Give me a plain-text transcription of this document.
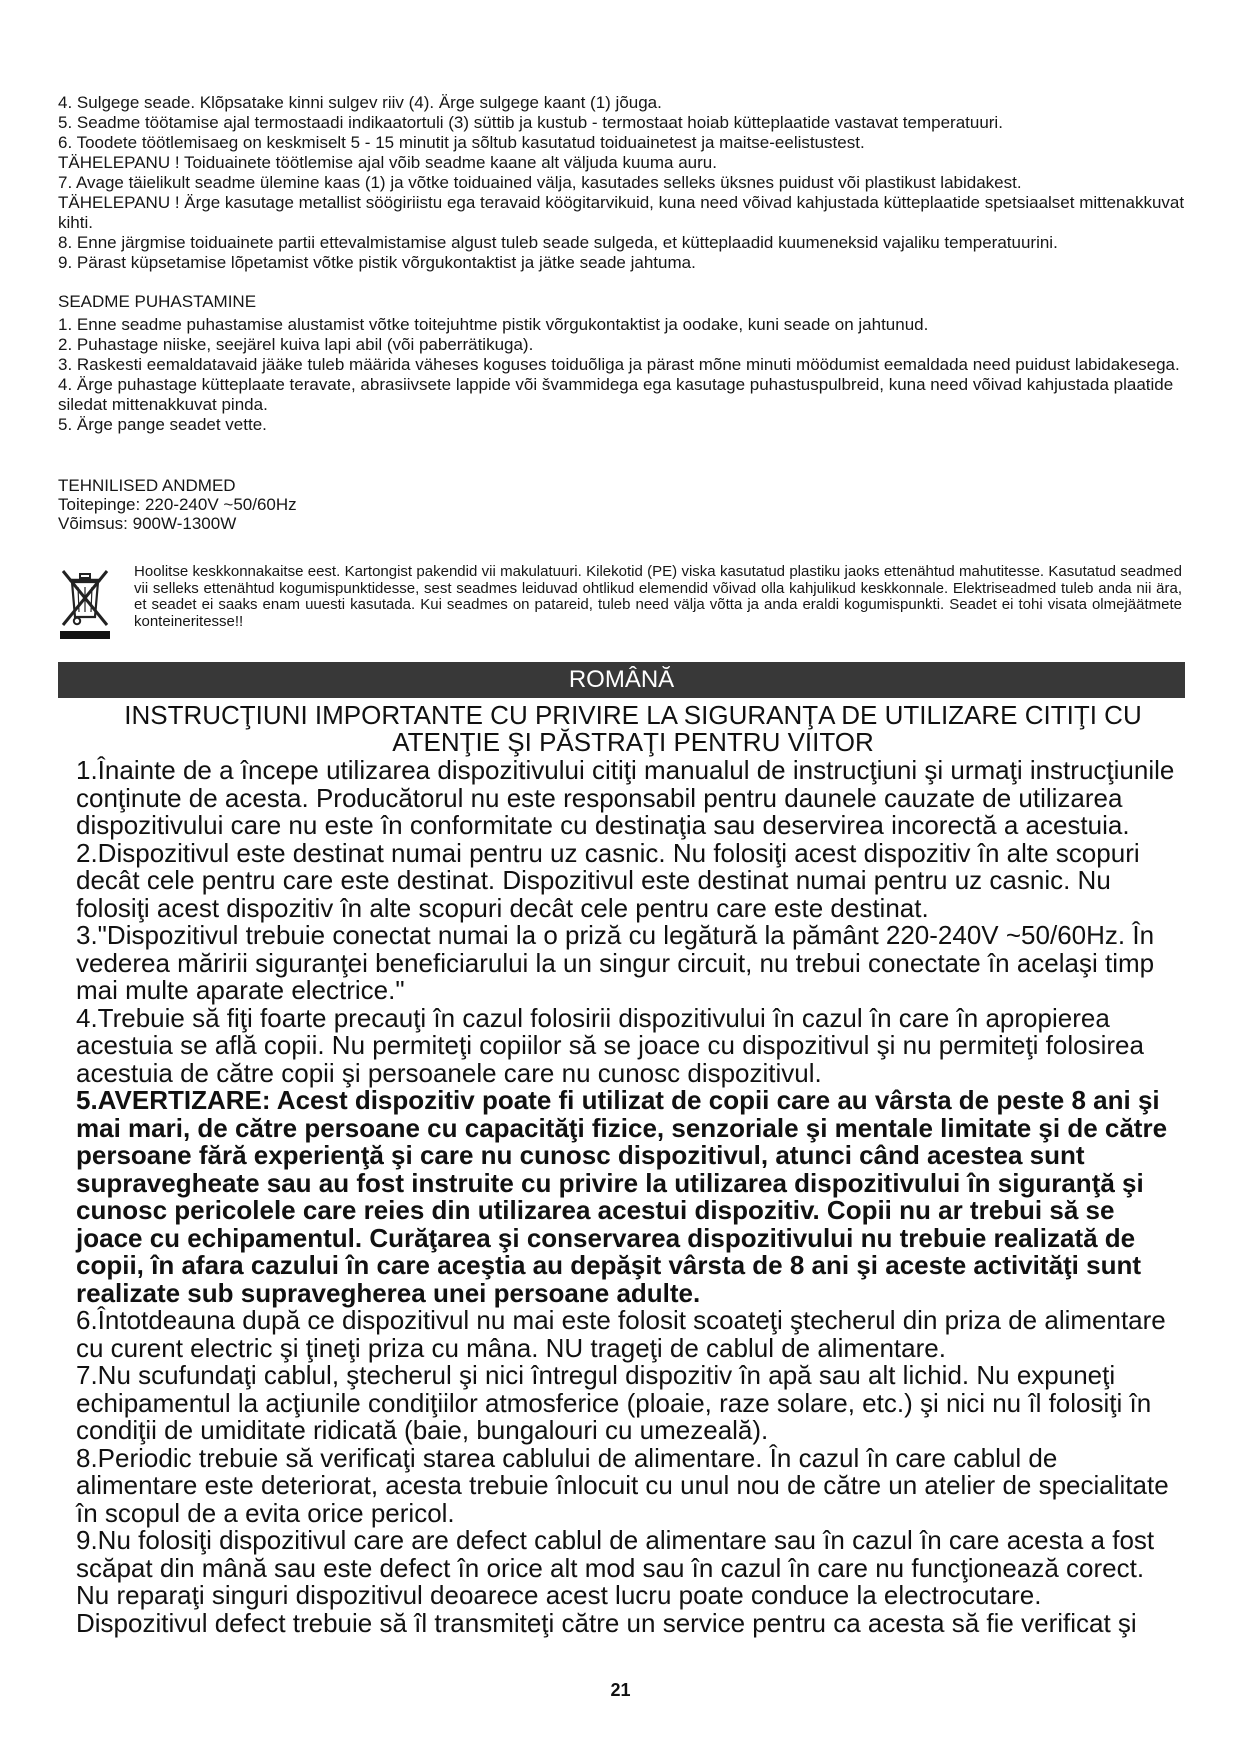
4. Sulgege seade. Klõpsatake kinni sulgev riiv (4). Ärge sulgege kaant (1) jõuga.
5. Seadme töötamise ajal termostaadi indikaatortuli (3) süttib ja kustub - termostaat hoiab kütteplaatide vastavat temperatuuri.
6. Toodete töötlemisaeg on keskmiselt 5 - 15 minutit ja sõltub kasutatud toiduainetest ja maitse-eelistustest.
TÄHELEPANU ! Toiduainete töötlemise ajal võib seadme kaane alt väljuda kuuma auru.
7. Avage täielikult seadme ülemine kaas (1) ja võtke toiduained välja, kasutades selleks üksnes puidust või plastikust labidakest.
TÄHELEPANU ! Ärge kasutage metallist söögiriistu ega teravaid köögitarvikuid, kuna need võivad kahjustada kütteplaatide spetsiaalset mittenakkuvat kihti.
8. Enne järgmise toiduainete partii ettevalmistamise algust tuleb seade sulgeda, et kütteplaadid kuumeneksid vajaliku temperatuurini.
9. Pärast küpsetamise lõpetamist võtke pistik võrgukontaktist ja jätke seade jahtuma.
SEADME PUHASTAMINE
1. Enne seadme puhastamise alustamist võtke toitejuhtme pistik võrgukontaktist ja oodake, kuni seade on jahtunud.
2. Puhastage niiske, seejärel kuiva lapi abil (või paberrätikuga).
3. Raskesti eemaldatavaid jääke tuleb määrida väheses koguses toiduõliga ja pärast mõne minuti möödumist eemaldada need puidust labidakesega.
4. Ärge puhastage kütteplaate teravate, abrasiivsete lappide või švammidega ega kasutage puhastuspulbreid, kuna need võivad kahjustada plaatide siledat mittenakkuvat pinda.
5. Ärge pange seadet vette.
TEHNILISED ANDMED
Toitepinge: 220-240V ~50/60Hz
Võimsus: 900W-1300W
Hoolitse keskkonnakaitse eest. Kartongist pakendid vii makulatuuri. Kilekotid (PE) viska kasutatud plastiku jaoks ettenähtud mahutitesse. Kasutatud seadmed vii selleks ettenähtud kogumispunktidesse, sest seadmes leiduvad ohtlikud elemendid võivad olla kahjulikud keskkonnale. Elektriseadmed tuleb anda nii ära, et seadet ei saaks enam uuesti kasutada. Kui seadmes on patareid, tuleb need välja võtta ja anda eraldi kogumispunkti. Seadet ei tohi visata olmejäätmete konteineritesse!!
ROMÂNĂ
INSTRUCŢIUNI IMPORTANTE CU PRIVIRE LA SIGURANŢA DE UTILIZARE CITIŢI CU ATENŢIE ŞI PĂSTRAŢI PENTRU VIITOR
1.Înainte de a începe utilizarea dispozitivului citiţi manualul de instrucţiuni şi urmaţi instrucţiunile conţinute de acesta. Producătorul nu este responsabil pentru daunele cauzate de utilizarea dispozitivului care nu este în conformitate cu destinaţia sau deservirea incorectă a acestuia.
2.Dispozitivul este destinat numai pentru uz casnic. Nu folosiţi acest dispozitiv în alte scopuri decât cele pentru care este destinat. Dispozitivul este destinat numai pentru uz casnic. Nu folosiţi acest dispozitiv în alte scopuri decât cele pentru care este destinat.
3."Dispozitivul trebuie conectat numai la o priză cu legătură la pământ 220-240V ~50/60Hz. În vederea măririi siguranţei beneficiarului la un singur circuit, nu trebui conectate în acelaşi timp mai multe aparate electrice."
4.Trebuie să fiţi foarte precauţi în cazul folosirii dispozitivului în cazul în care în apropierea acestuia se află copii. Nu permiteţi copiilor să se joace cu dispozitivul şi nu permiteţi folosirea acestuia de către copii şi persoanele care nu cunosc dispozitivul.
5.AVERTIZARE: Acest dispozitiv poate fi utilizat de copii care au vârsta de peste 8 ani şi mai mari, de către persoane cu capacităţi fizice, senzoriale şi mentale limitate şi de către persoane fără experienţă şi care nu cunosc dispozitivul, atunci când acestea sunt supravegheate sau au fost instruite cu privire la utilizarea dispozitivului în siguranţă şi cunosc pericolele care reies din utilizarea acestui dispozitiv. Copii nu ar trebui să se joace cu echipamentul. Curăţarea şi conservarea dispozitivului nu trebuie realizată de copii, în afara cazului în care aceştia au depăşit vârsta de 8 ani şi aceste activităţi sunt realizate sub supravegherea unei persoane adulte.
6.Întotdeauna după ce dispozitivul nu mai este folosit scoateţi ştecherul din priza de alimentare cu curent electric şi ţineţi priza cu mâna. NU trageţi de cablul de alimentare.
7.Nu scufundaţi cablul, ştecherul şi nici întregul dispozitiv în apă sau alt lichid. Nu expuneţi echipamentul la acţiunile condiţiilor atmosferice (ploaie, raze solare, etc.) şi nici nu îl folosiţi în condiţii de umiditate ridicată (baie, bungalouri cu umezeală).
8.Periodic trebuie să verificaţi starea cablului de alimentare. În cazul în care cablul de alimentare este deteriorat, acesta trebuie înlocuit cu unul nou de către un atelier de specialitate în scopul de a evita orice pericol.
9.Nu folosiţi dispozitivul care are defect cablul de alimentare sau în cazul în care acesta a fost scăpat din mână sau este defect în orice alt mod sau în cazul în care nu funcţionează corect. Nu reparaţi singuri dispozitivul deoarece acest lucru poate conduce la electrocutare. Dispozitivul defect trebuie să îl transmiteţi către un service pentru ca acesta să fie verificat şi
21
